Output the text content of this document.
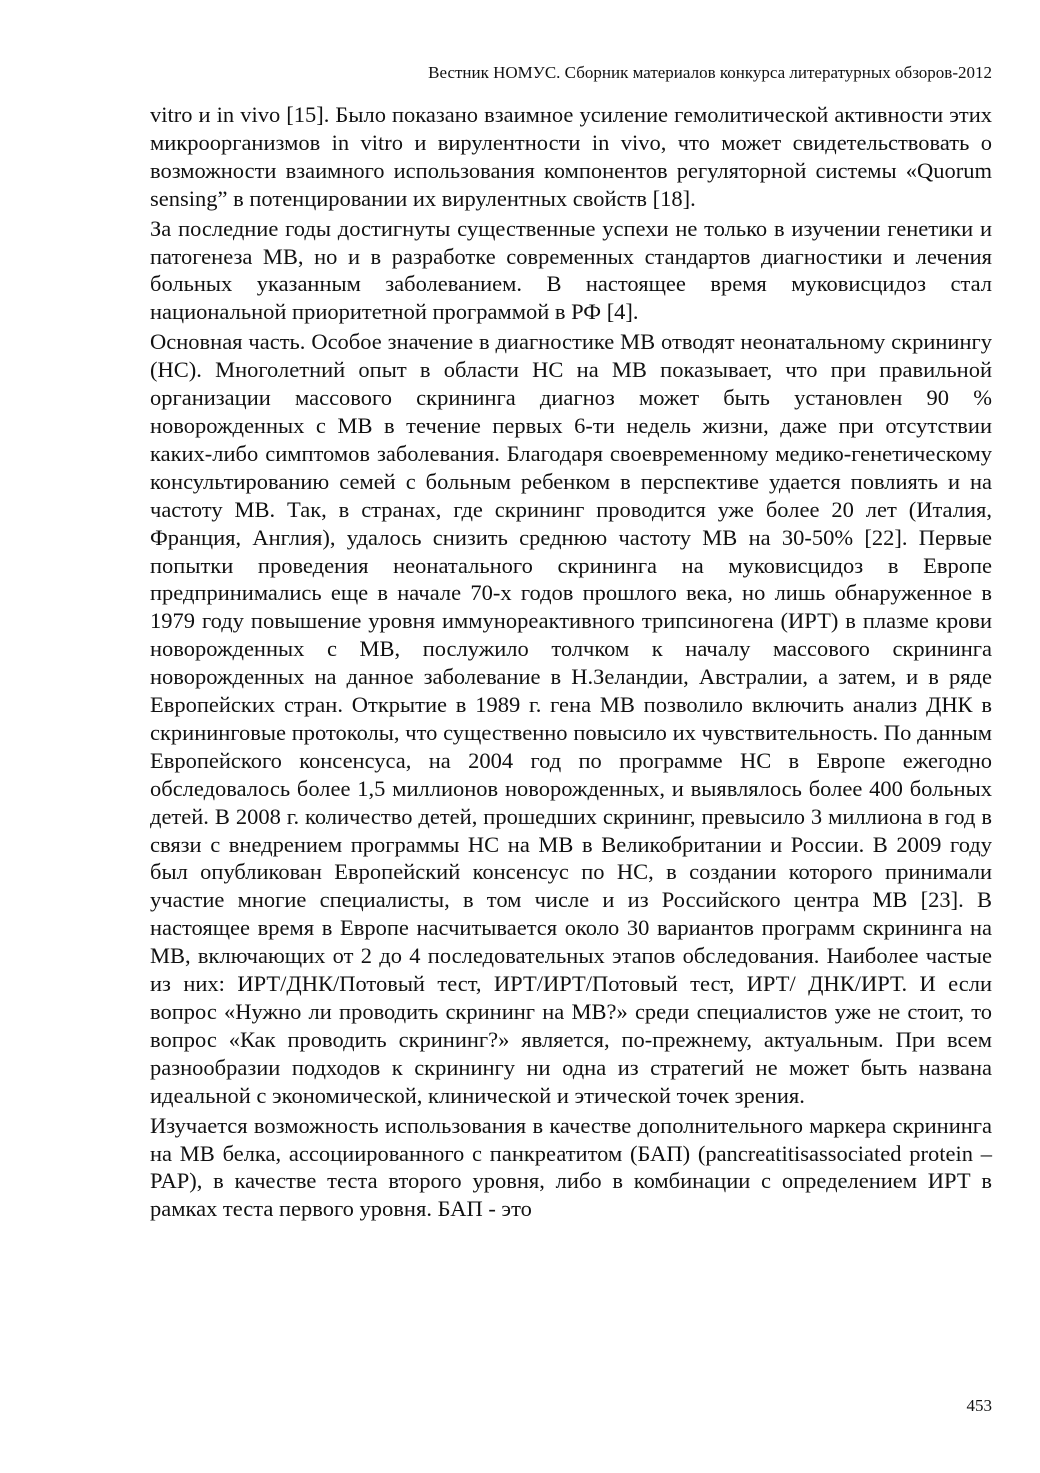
Вестник НОМУС. Сборник материалов конкурса литературных обзоров-2012

vitro и in vivo [15]. Было показано взаимное усиление гемолитической активности этих микроорганизмов in vitro и вирулентности in vivo, что может свидетельствовать о возможности взаимного использования компонентов регуляторной системы «Quorum sensing” в потенцировании их вирулентных свойств [18].

За последние годы достигнуты существенные успехи не только в изучении генетики и патогенеза МВ, но и в разработке современных стандартов диагностики и лечения больных указанным заболеванием. В настоящее время муковисцидоз стал национальной приоритетной программой в РФ [4].

Основная часть. Особое значение в диагностике МВ отводят неонатальному скринингу (НС). Многолетний опыт в области НС на МВ показывает, что при правильной организации массового скрининга диагноз может быть установлен 90 % новорожденных с МВ в течение первых 6-ти недель жизни, даже при отсутствии каких-либо симптомов заболевания. Благодаря своевременному медико-генетическому консультированию семей с больным ребенком в перспективе удается повлиять и на частоту МВ. Так, в странах, где скрининг проводится уже более 20 лет (Италия, Франция, Англия), удалось снизить среднюю частоту МВ на 30-50% [22]. Первые попытки проведения неонатального скрининга на муковисцидоз в Европе предпринимались еще в начале 70-х годов прошлого века, но лишь обнаруженное в 1979 году повышение уровня иммунореактивного трипсиногена (ИРТ) в плазме крови новорожденных с МВ, послужило толчком к началу массового скрининга новорожденных на данное заболевание в Н.Зеландии, Австралии, а затем, и в ряде Европейских стран. Открытие в 1989 г. гена МВ позволило включить анализ ДНК в скрининговые протоколы, что существенно повысило их чувствительность. По данным Европейского консенсуса, на 2004 год по программе НС в Европе ежегодно обследовалось более 1,5 миллионов новорожденных, и выявлялось более 400 больных детей. В 2008 г. количество детей, прошедших скрининг, превысило 3 миллиона в год в связи с внедрением программы НС на МВ в Великобритании и России. В 2009 году был опубликован Европейский консенсус по НС, в создании которого принимали участие многие специалисты, в том числе и из Российского центра МВ [23]. В настоящее время в Европе насчитывается около 30 вариантов программ скрининга на МВ, включающих от 2 до 4 последовательных этапов обследования. Наиболее частые из них: ИРТ/ДНК/Потовый тест, ИРТ/ИРТ/Потовый тест, ИРТ/ ДНК/ИРТ. И если вопрос «Нужно ли проводить скрининг на МВ?» среди специалистов уже не стоит, то вопрос «Как проводить скрининг?» является, по-прежнему, актуальным. При всем разнообразии подходов к скринингу ни одна из стратегий не может быть названа идеальной с экономической, клинической и этической точек зрения.

Изучается возможность использования в качестве дополнительного маркера скрининга на МВ белка, ассоциированного с панкреатитом (БАП) (pancreatitisassociated protein – PAP), в качестве теста второго уровня, либо в комбинации с определением ИРТ в рамках теста первого уровня. БАП - это

453
